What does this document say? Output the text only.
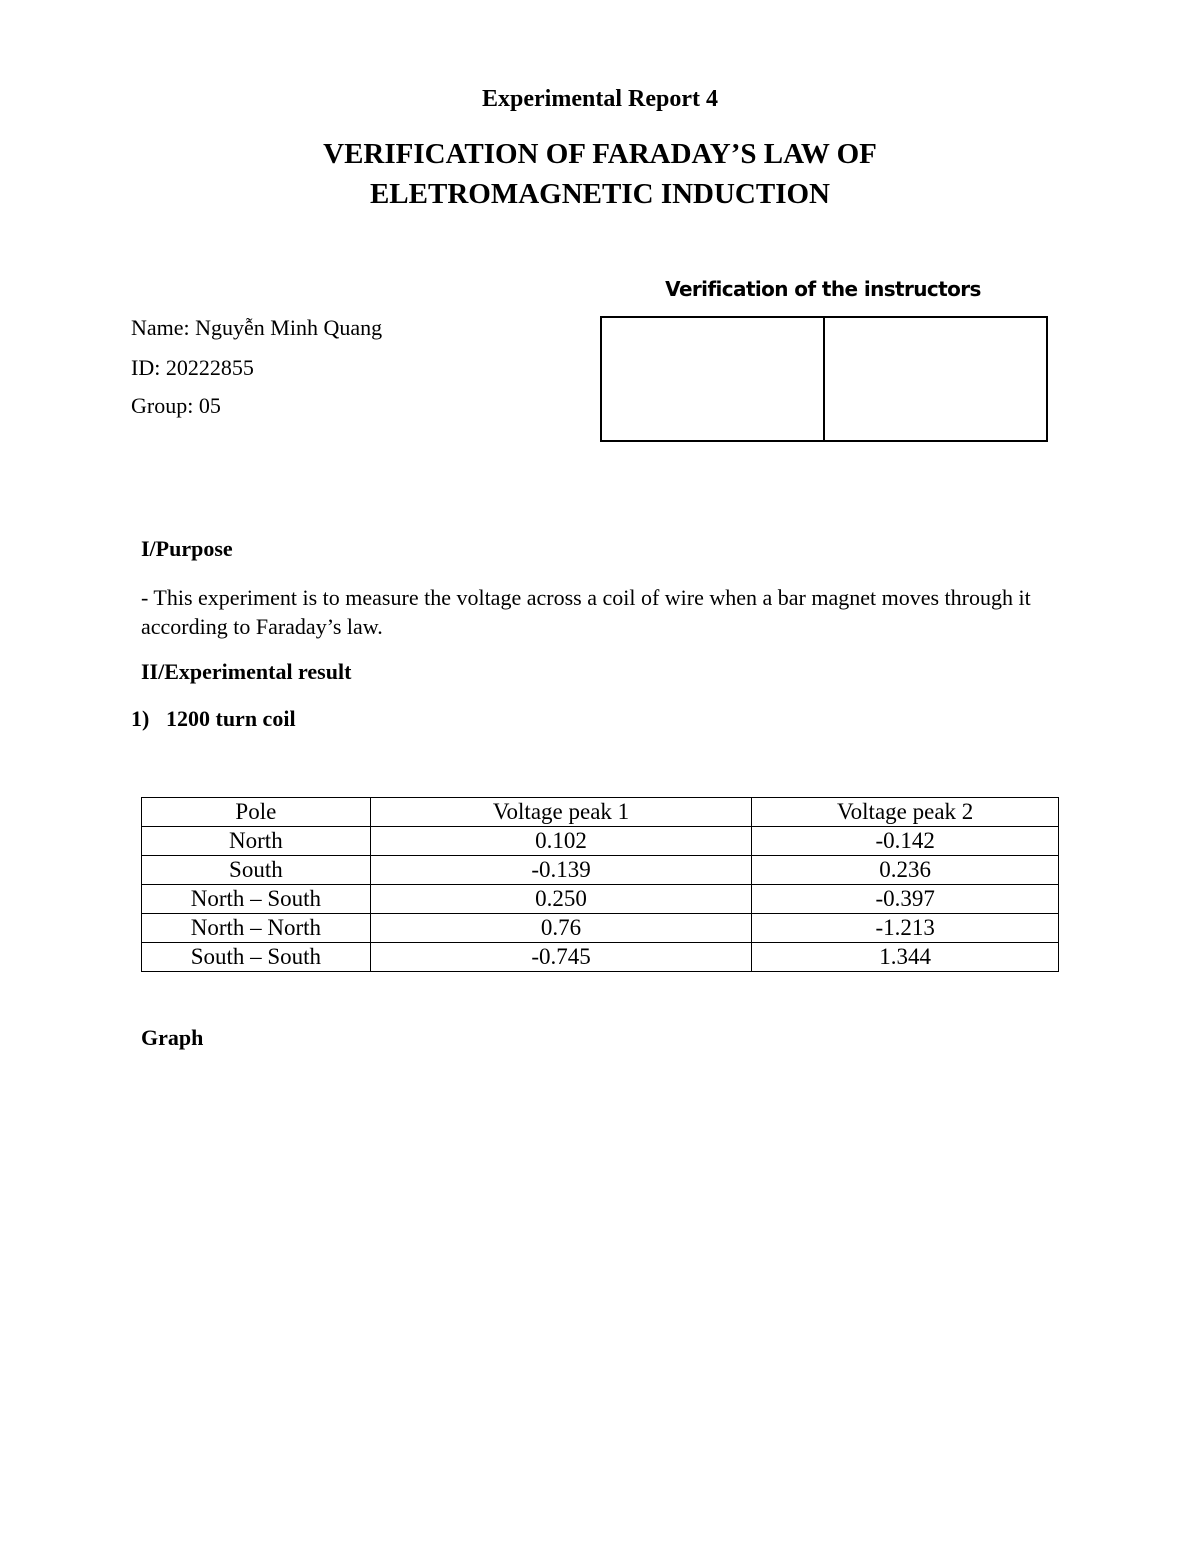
Experimental Report 4
VERIFICATION OF FARADAY’S LAW OF
ELETROMAGNETIC INDUCTION
Verification of the instructors
Name: Nguyễn Minh Quang
ID: 20222855
Group: 05
I/Purpose
- This experiment is to measure the voltage across a coil of wire when a bar magnet moves through it according to Faraday’s law.
II/Experimental result
1) 1200 turn coil
Pole	Voltage peak 1	Voltage peak 2
North	0.102	-0.142
South	-0.139	0.236
North – South	0.250	-0.397
North – North	0.76	-1.213
South – South	-0.745	1.344
Graph
